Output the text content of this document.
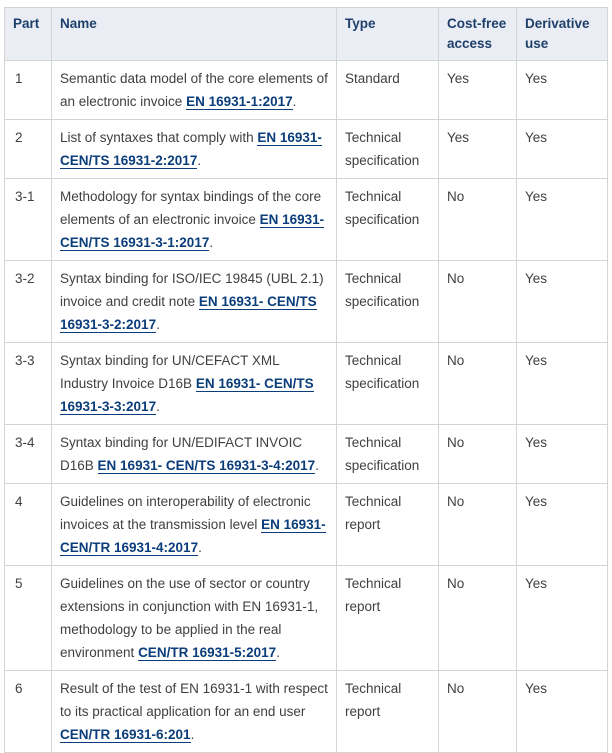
Part	Name	Type	Cost-free access	Derivative use
1	Semantic data model of the core elements of an electronic invoice EN 16931-1:2017.	Standard	Yes	Yes
2	List of syntaxes that comply with EN 16931-CEN/TS 16931-2:2017.	Technical specification	Yes	Yes
3-1	Methodology for syntax bindings of the core elements of an electronic invoice EN 16931-CEN/TS 16931-3-1:2017.	Technical specification	No	Yes
3-2	Syntax binding for ISO/IEC 19845 (UBL 2.1) invoice and credit note EN 16931- CEN/TS 16931-3-2:2017.	Technical specification	No	Yes
3-3	Syntax binding for UN/CEFACT XML Industry Invoice D16B EN 16931- CEN/TS 16931-3-3:2017.	Technical specification	No	Yes
3-4	Syntax binding for UN/EDIFACT INVOIC D16B EN 16931- CEN/TS 16931-3-4:2017.	Technical specification	No	Yes
4	Guidelines on interoperability of electronic invoices at the transmission level EN 16931-CEN/TR 16931-4:2017.	Technical report	No	Yes
5	Guidelines on the use of sector or country extensions in conjunction with EN 16931-1, methodology to be applied in the real environment CEN/TR 16931-5:2017.	Technical report	No	Yes
6	Result of the test of EN 16931-1 with respect to its practical application for an end user CEN/TR 16931-6:201.	Technical report	No	Yes
